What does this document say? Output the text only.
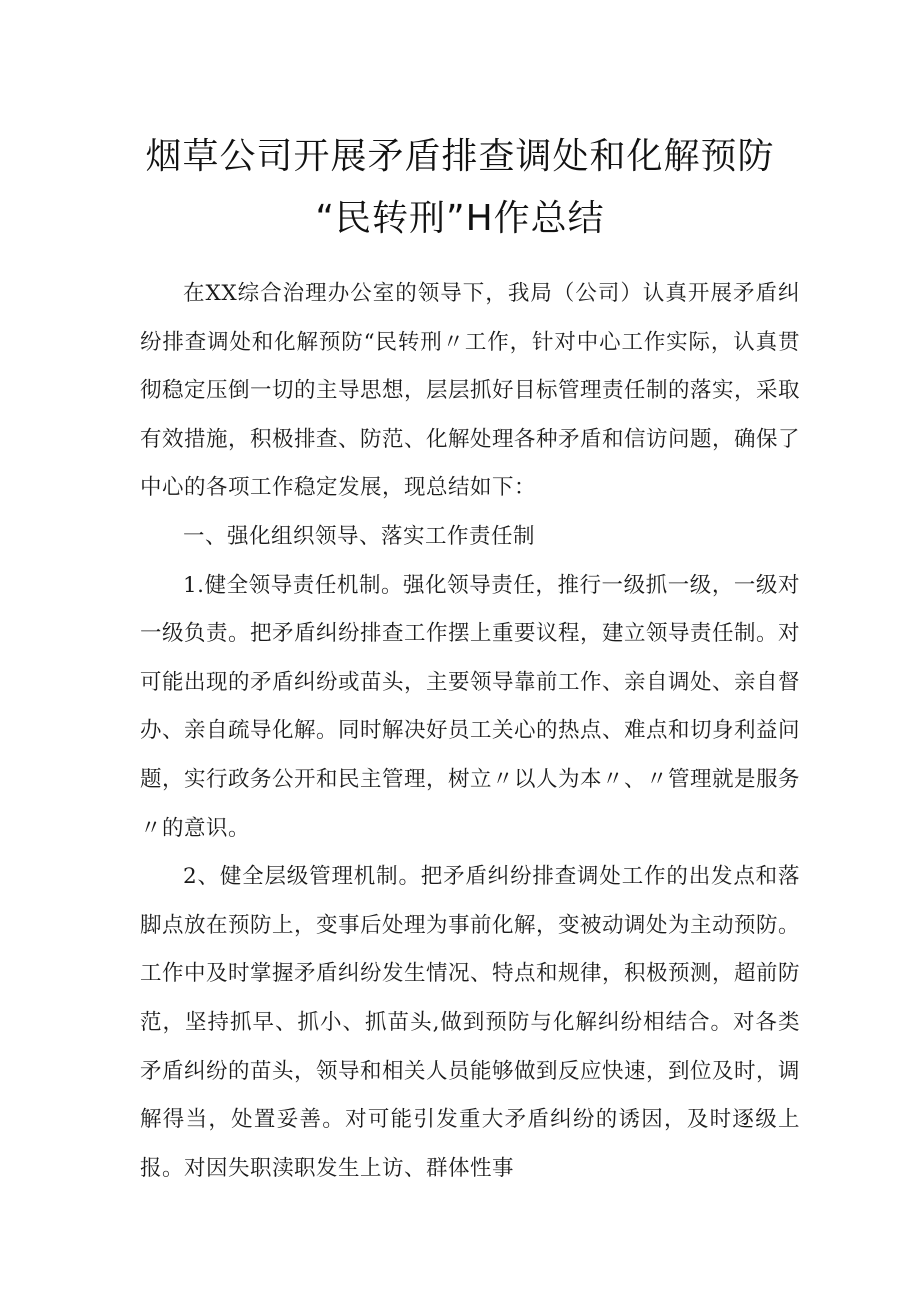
烟草公司开展矛盾排查调处和化解预防
“民转刑”H作总结

在XX综合治理办公室的领导下，我局（公司）认真开展矛盾纠纷排查调处和化解预防“民转刑〃工作，针对中心工作实际，认真贯彻稳定压倒一切的主导思想，层层抓好目标管理责任制的落实，采取有效措施，积极排查、防范、化解处理各种矛盾和信访问题，确保了中心的各项工作稳定发展，现总结如下：

一、强化组织领导、落实工作责任制

1.健全领导责任机制。强化领导责任，推行一级抓一级，一级对一级负责。把矛盾纠纷排查工作摆上重要议程，建立领导责任制。对可能出现的矛盾纠纷或苗头，主要领导靠前工作、亲自调处、亲自督办、亲自疏导化解。同时解决好员工关心的热点、难点和切身利益问题，实行政务公开和民主管理，树立〃以人为本〃、〃管理就是服务〃的意识。

2、健全层级管理机制。把矛盾纠纷排查调处工作的出发点和落脚点放在预防上，变事后处理为事前化解，变被动调处为主动预防。工作中及时掌握矛盾纠纷发生情况、特点和规律，积极预测，超前防范，坚持抓早、抓小、抓苗头,做到预防与化解纠纷相结合。对各类矛盾纠纷的苗头，领导和相关人员能够做到反应快速，到位及时，调解得当，处置妥善。对可能引发重大矛盾纠纷的诱因，及时逐级上报。对因失职渎职发生上访、群体性事
